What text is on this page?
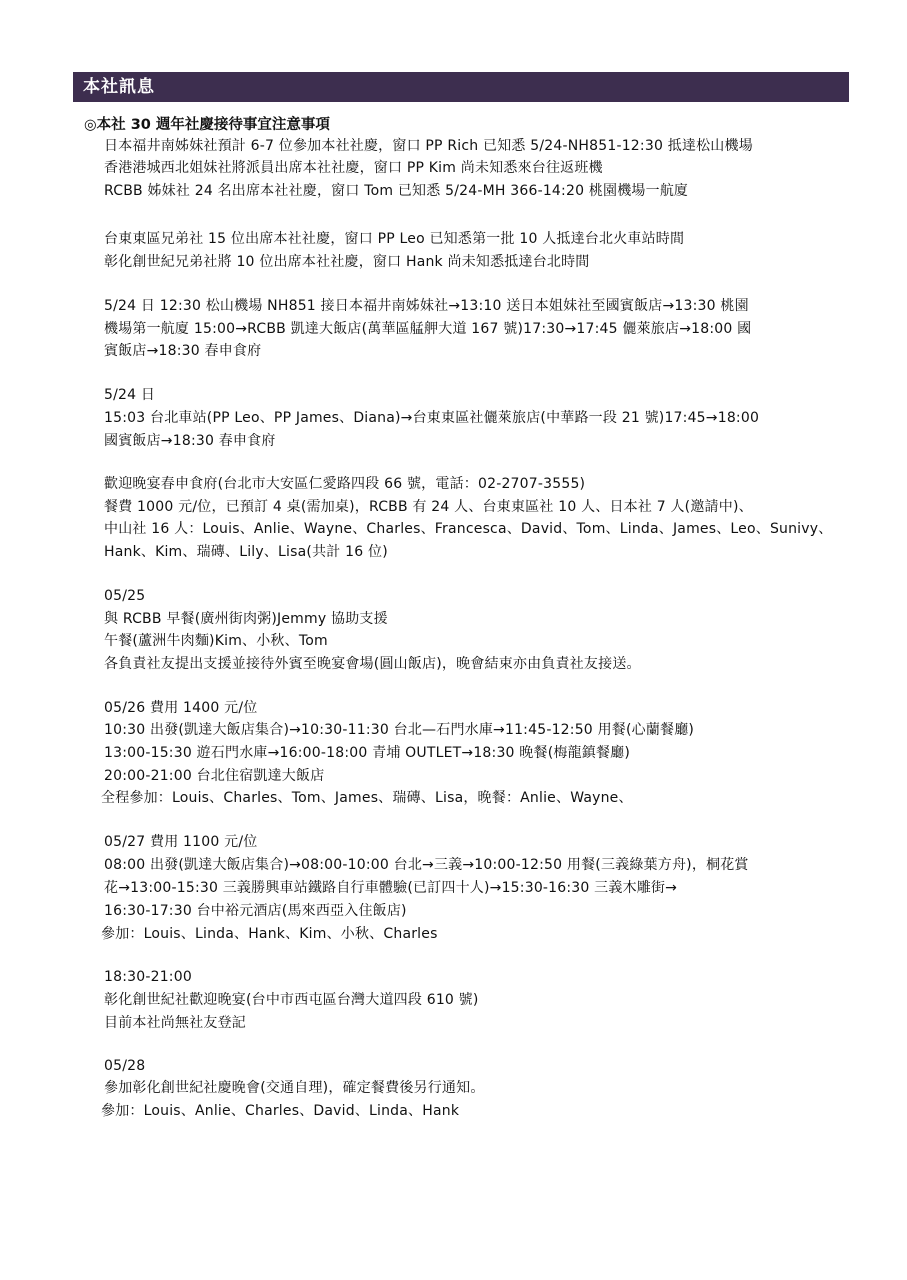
本社訊息
◎本社 30 週年社慶接待事宜注意事項
日本福井南姊妹社預計 6-7 位參加本社社慶，窗口 PP Rich 已知悉 5/24-NH851-12:30 抵達松山機場
香港港城西北姐妹社將派員出席本社社慶，窗口 PP Kim 尚未知悉來台往返班機
RCBB 姊妹社 24 名出席本社社慶，窗口 Tom 已知悉 5/24-MH 366-14:20 桃園機場一航廈
台東東區兄弟社 15 位出席本社社慶，窗口 PP Leo 已知悉第一批 10 人抵達台北火車站時間
彰化創世紀兄弟社將 10 位出席本社社慶，窗口 Hank 尚未知悉抵達台北時間
5/24 日 12:30 松山機場 NH851 接日本福井南姊妹社→13:10 送日本姐妹社至國賓飯店→13:30 桃園
機場第一航廈 15:00→RCBB 凱達大飯店(萬華區艋舺大道 167 號)17:30→17:45 儷萊旅店→18:00 國
賓飯店→18:30 春申食府
5/24 日
15:03 台北車站(PP Leo、PP James、Diana)→台東東區社儷萊旅店(中華路一段 21 號)17:45→18:00
國賓飯店→18:30 春申食府
歡迎晚宴春申食府(台北市大安區仁愛路四段 66 號，電話：02-2707-3555)
餐費 1000 元/位，已預訂 4 桌(需加桌)，RCBB 有 24 人、台東東區社 10 人、日本社 7 人(邀請中)、
中山社 16 人：Louis、Anlie、Wayne、Charles、Francesca、David、Tom、Linda、James、Leo、Sunivy、
Hank、Kim、瑞磚、Lily、Lisa(共計 16 位)
05/25
與 RCBB 早餐(廣州街肉粥)Jemmy 協助支援
午餐(蘆洲牛肉麵)Kim、小秋、Tom
各負責社友提出支援並接待外賓至晚宴會場(圓山飯店)，晚會結束亦由負責社友接送。
05/26 費用 1400 元/位
10:30 出發(凱達大飯店集合)→10:30-11:30 台北—石門水庫→11:45-12:50 用餐(心蘭餐廳)
13:00-15:30 遊石門水庫→16:00-18:00 青埔 OUTLET→18:30 晚餐(梅龍鎮餐廳)
20:00-21:00 台北住宿凱達大飯店
全程參加：Louis、Charles、Tom、James、瑞磚、Lisa，晚餐：Anlie、Wayne、
05/27 費用 1100 元/位
08:00 出發(凱達大飯店集合)→08:00-10:00 台北→三義→10:00-12:50 用餐(三義綠葉方舟)，桐花賞
花→13:00-15:30 三義勝興車站鐵路自行車體驗(已訂四十人)→15:30-16:30 三義木雕街→
16:30-17:30 台中裕元酒店(馬來西亞入住飯店)
參加：Louis、Linda、Hank、Kim、小秋、Charles
18:30-21:00
彰化創世紀社歡迎晚宴(台中市西屯區台灣大道四段 610 號)
目前本社尚無社友登記
05/28
參加彰化創世紀社慶晚會(交通自理)，確定餐費後另行通知。
參加：Louis、Anlie、Charles、David、Linda、Hank
